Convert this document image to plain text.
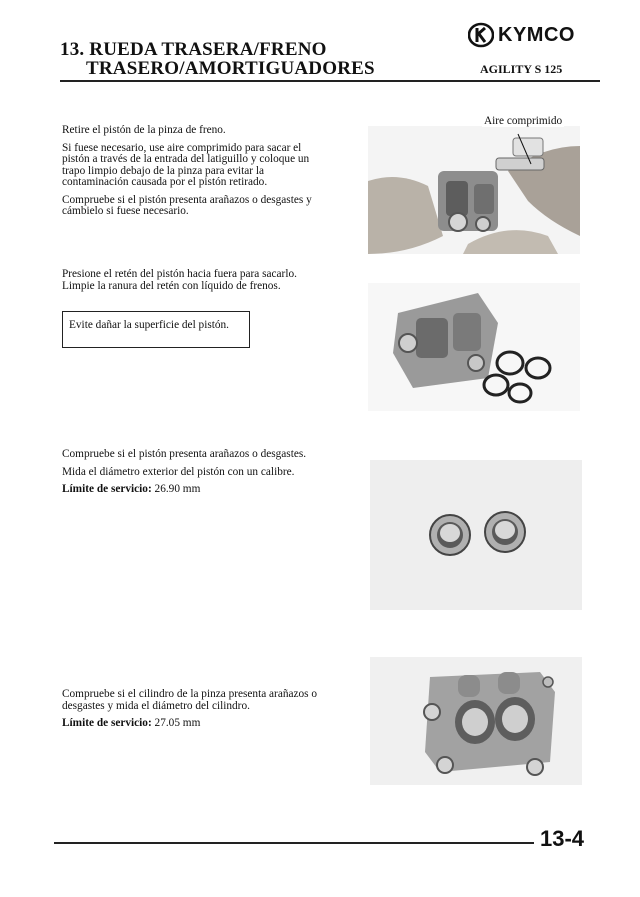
13. RUEDA TRASERA/FRENO
TRASERO/AMORTIGUADORES
KYMCO
AGILITY S 125

Retire el pistón de la pinza de freno.

Si fuese necesario, use aire comprimido para sacar el pistón a través de la entrada del latiguillo y coloque un trapo limpio debajo de la pinza para evitar la contaminación causada por el pistón retirado.

Compruebe si el pistón presenta arañazos o desgastes y cámbielo si fuese necesario.

Aire comprimido

Presione el retén del pistón hacia fuera para sacarlo. Limpie la ranura del retén con líquido de frenos.

Evite dañar la superficie del pistón.

Compruebe si el pistón presenta arañazos o desgastes.

Mida el diámetro exterior del pistón con un calibre.

Límite de servicio: 26.90 mm

Compruebe si el cilindro de la pinza presenta arañazos o desgastes y mida el diámetro del cilindro.

Límite de servicio: 27.05 mm

13-4
